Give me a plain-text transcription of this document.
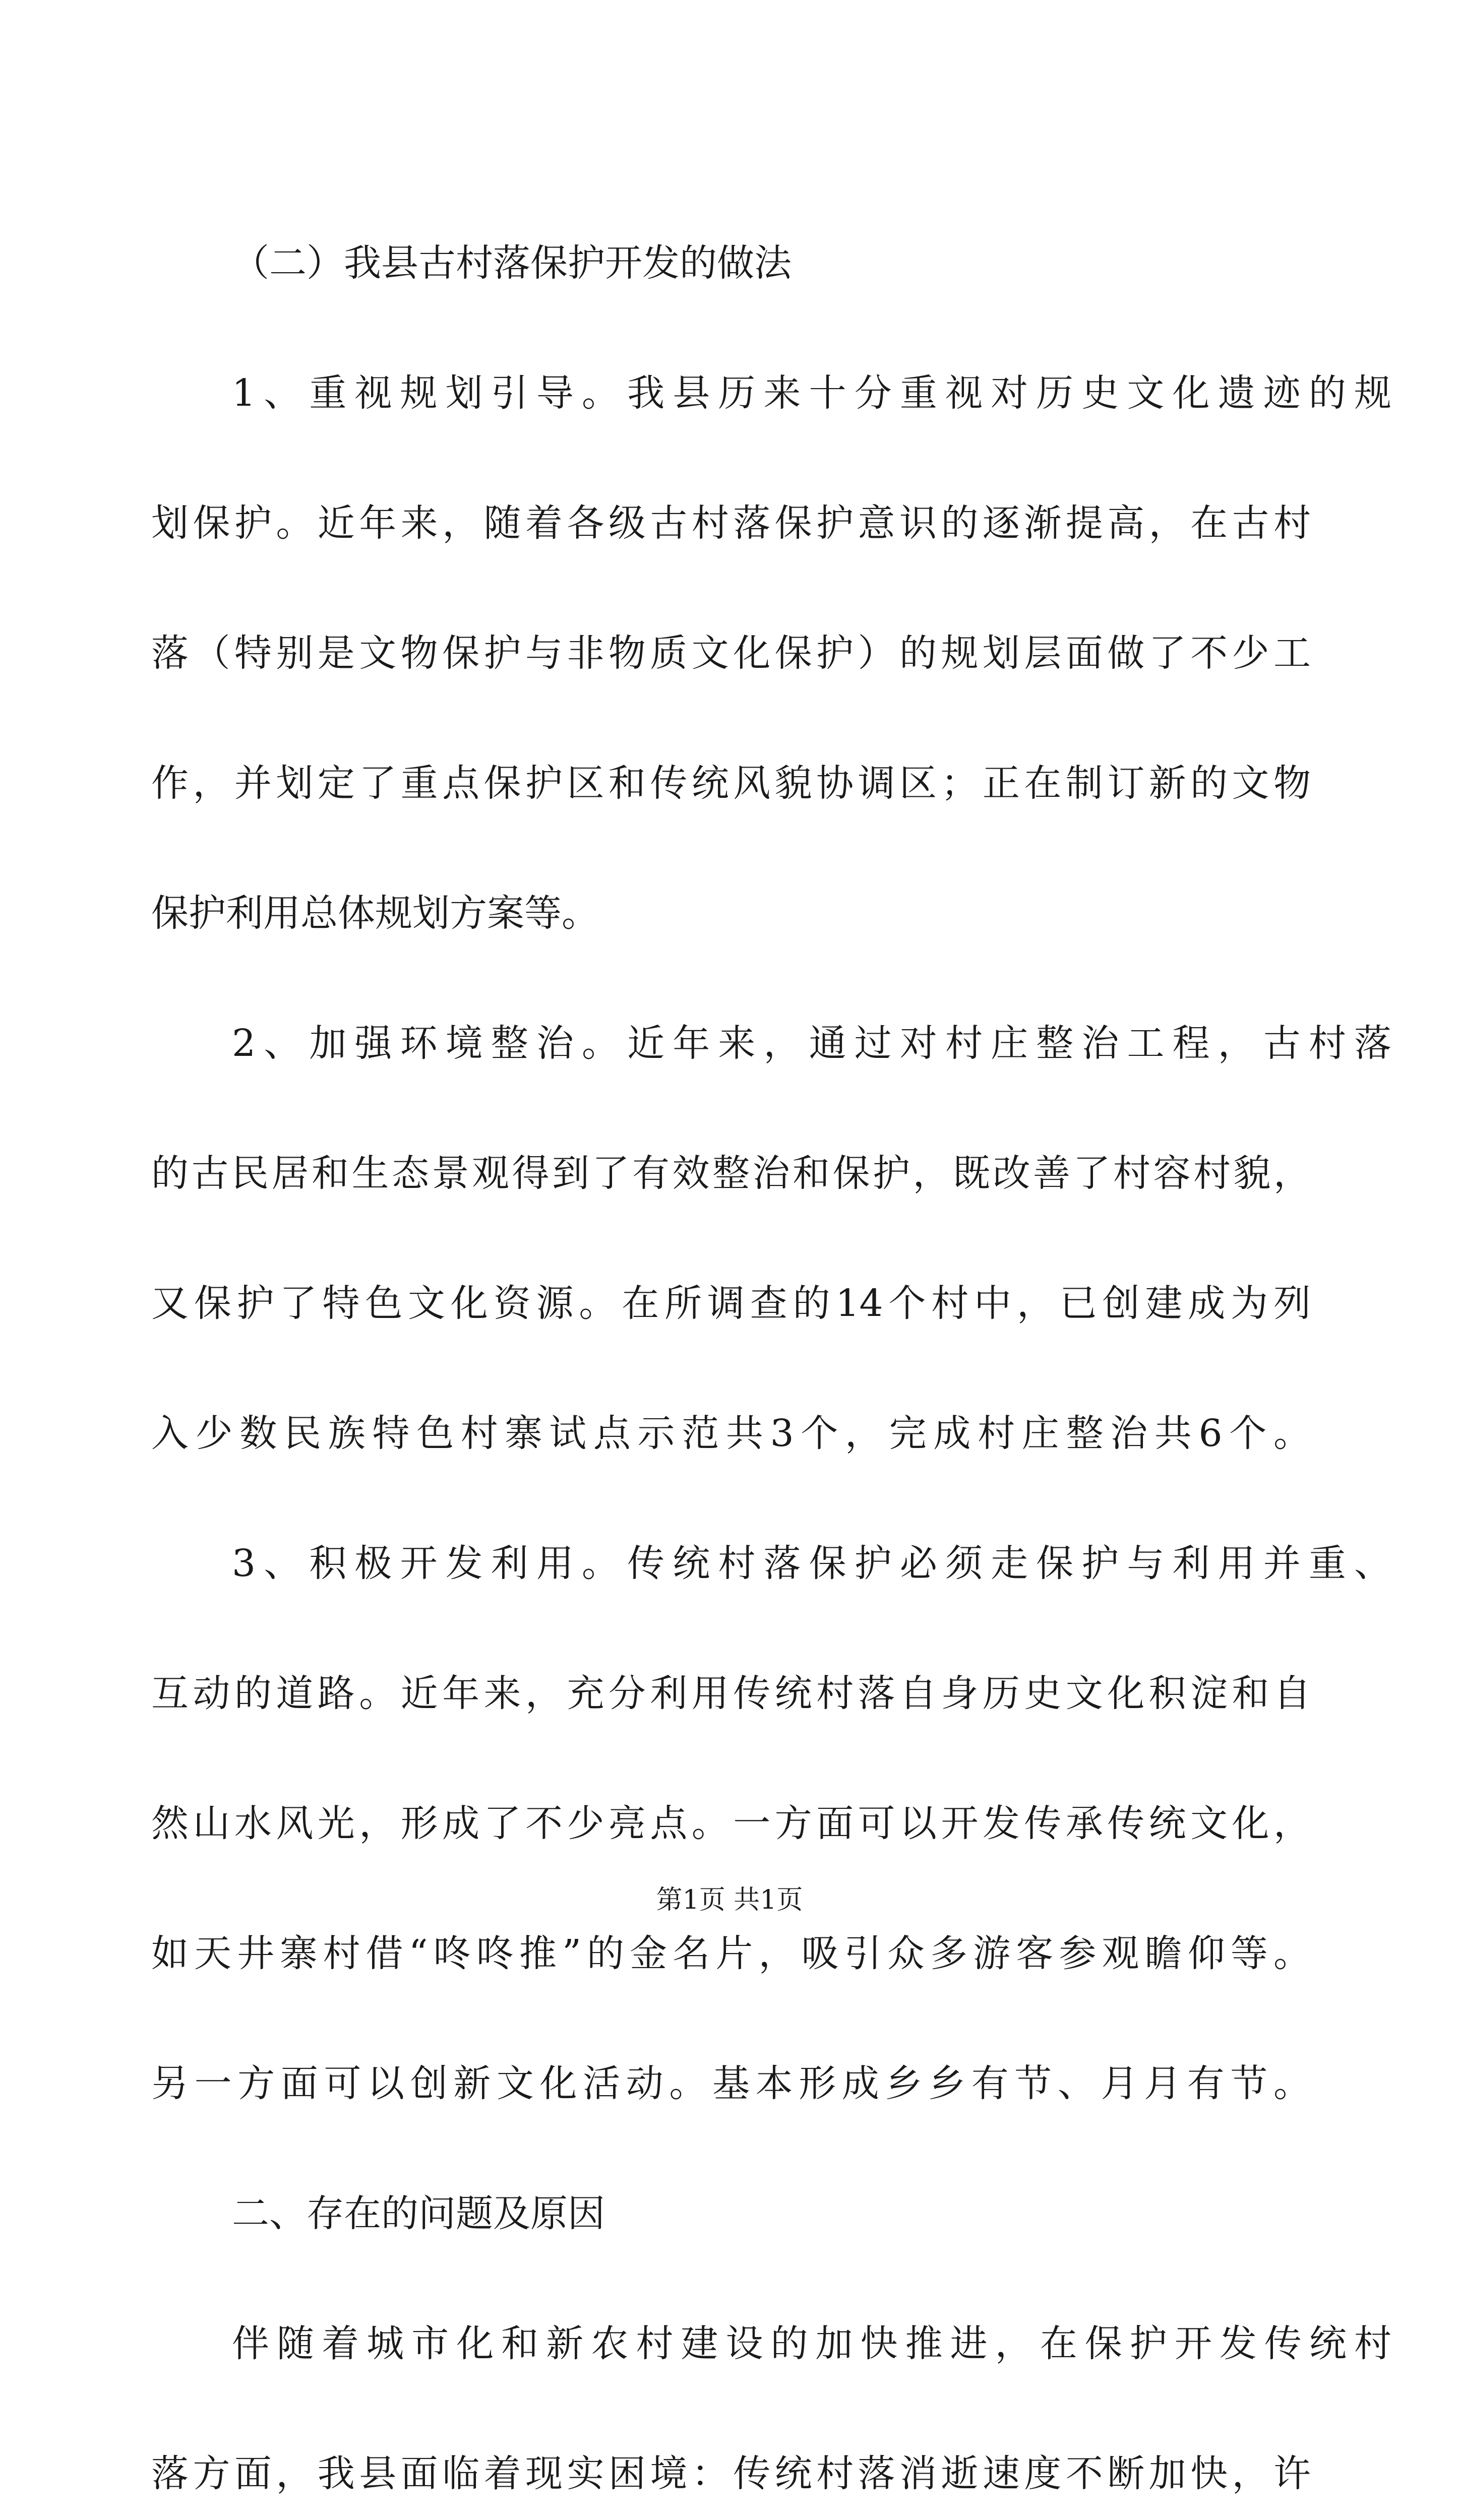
（二）我县古村落保护开发的做法
1、重视规划引导。我县历来十分重视对历史文化遗迹的规
划保护。近年来，随着各级古村落保护意识的逐渐提高，在古村
落（特别是文物保护与非物质文化保护）的规划层面做了不少工
作，并划定了重点保护区和传统风貌协调区；正在制订新的文物
保护利用总体规划方案等。
2、加强环境整治。近年来，通过对村庄整治工程，古村落
的古民居和生态景观得到了有效整治和保护，既改善了村容村貌，
又保护了特色文化资源。在所调查的14个村中，已创建成为列
入少数民族特色村寨试点示范共3个，完成村庄整治共6个。
3、积极开发利用。传统村落保护必须走保护与利用并重、
互动的道路。近年来，充分利用传统村落自身历史文化积淀和自
然山水风光，形成了不少亮点。一方面可以开发传承传统文化，
如天井寨村借“咚咚推”的金名片，吸引众多游客参观瞻仰等。
另一方面可以创新文化活动。基本形成乡乡有节、月月有节。
二、存在的问题及原因
伴随着城市化和新农村建设的加快推进，在保护开发传统村
落方面，我县面临着现实困境：传统村落消逝速度不断加快，许
第1页 共1页
